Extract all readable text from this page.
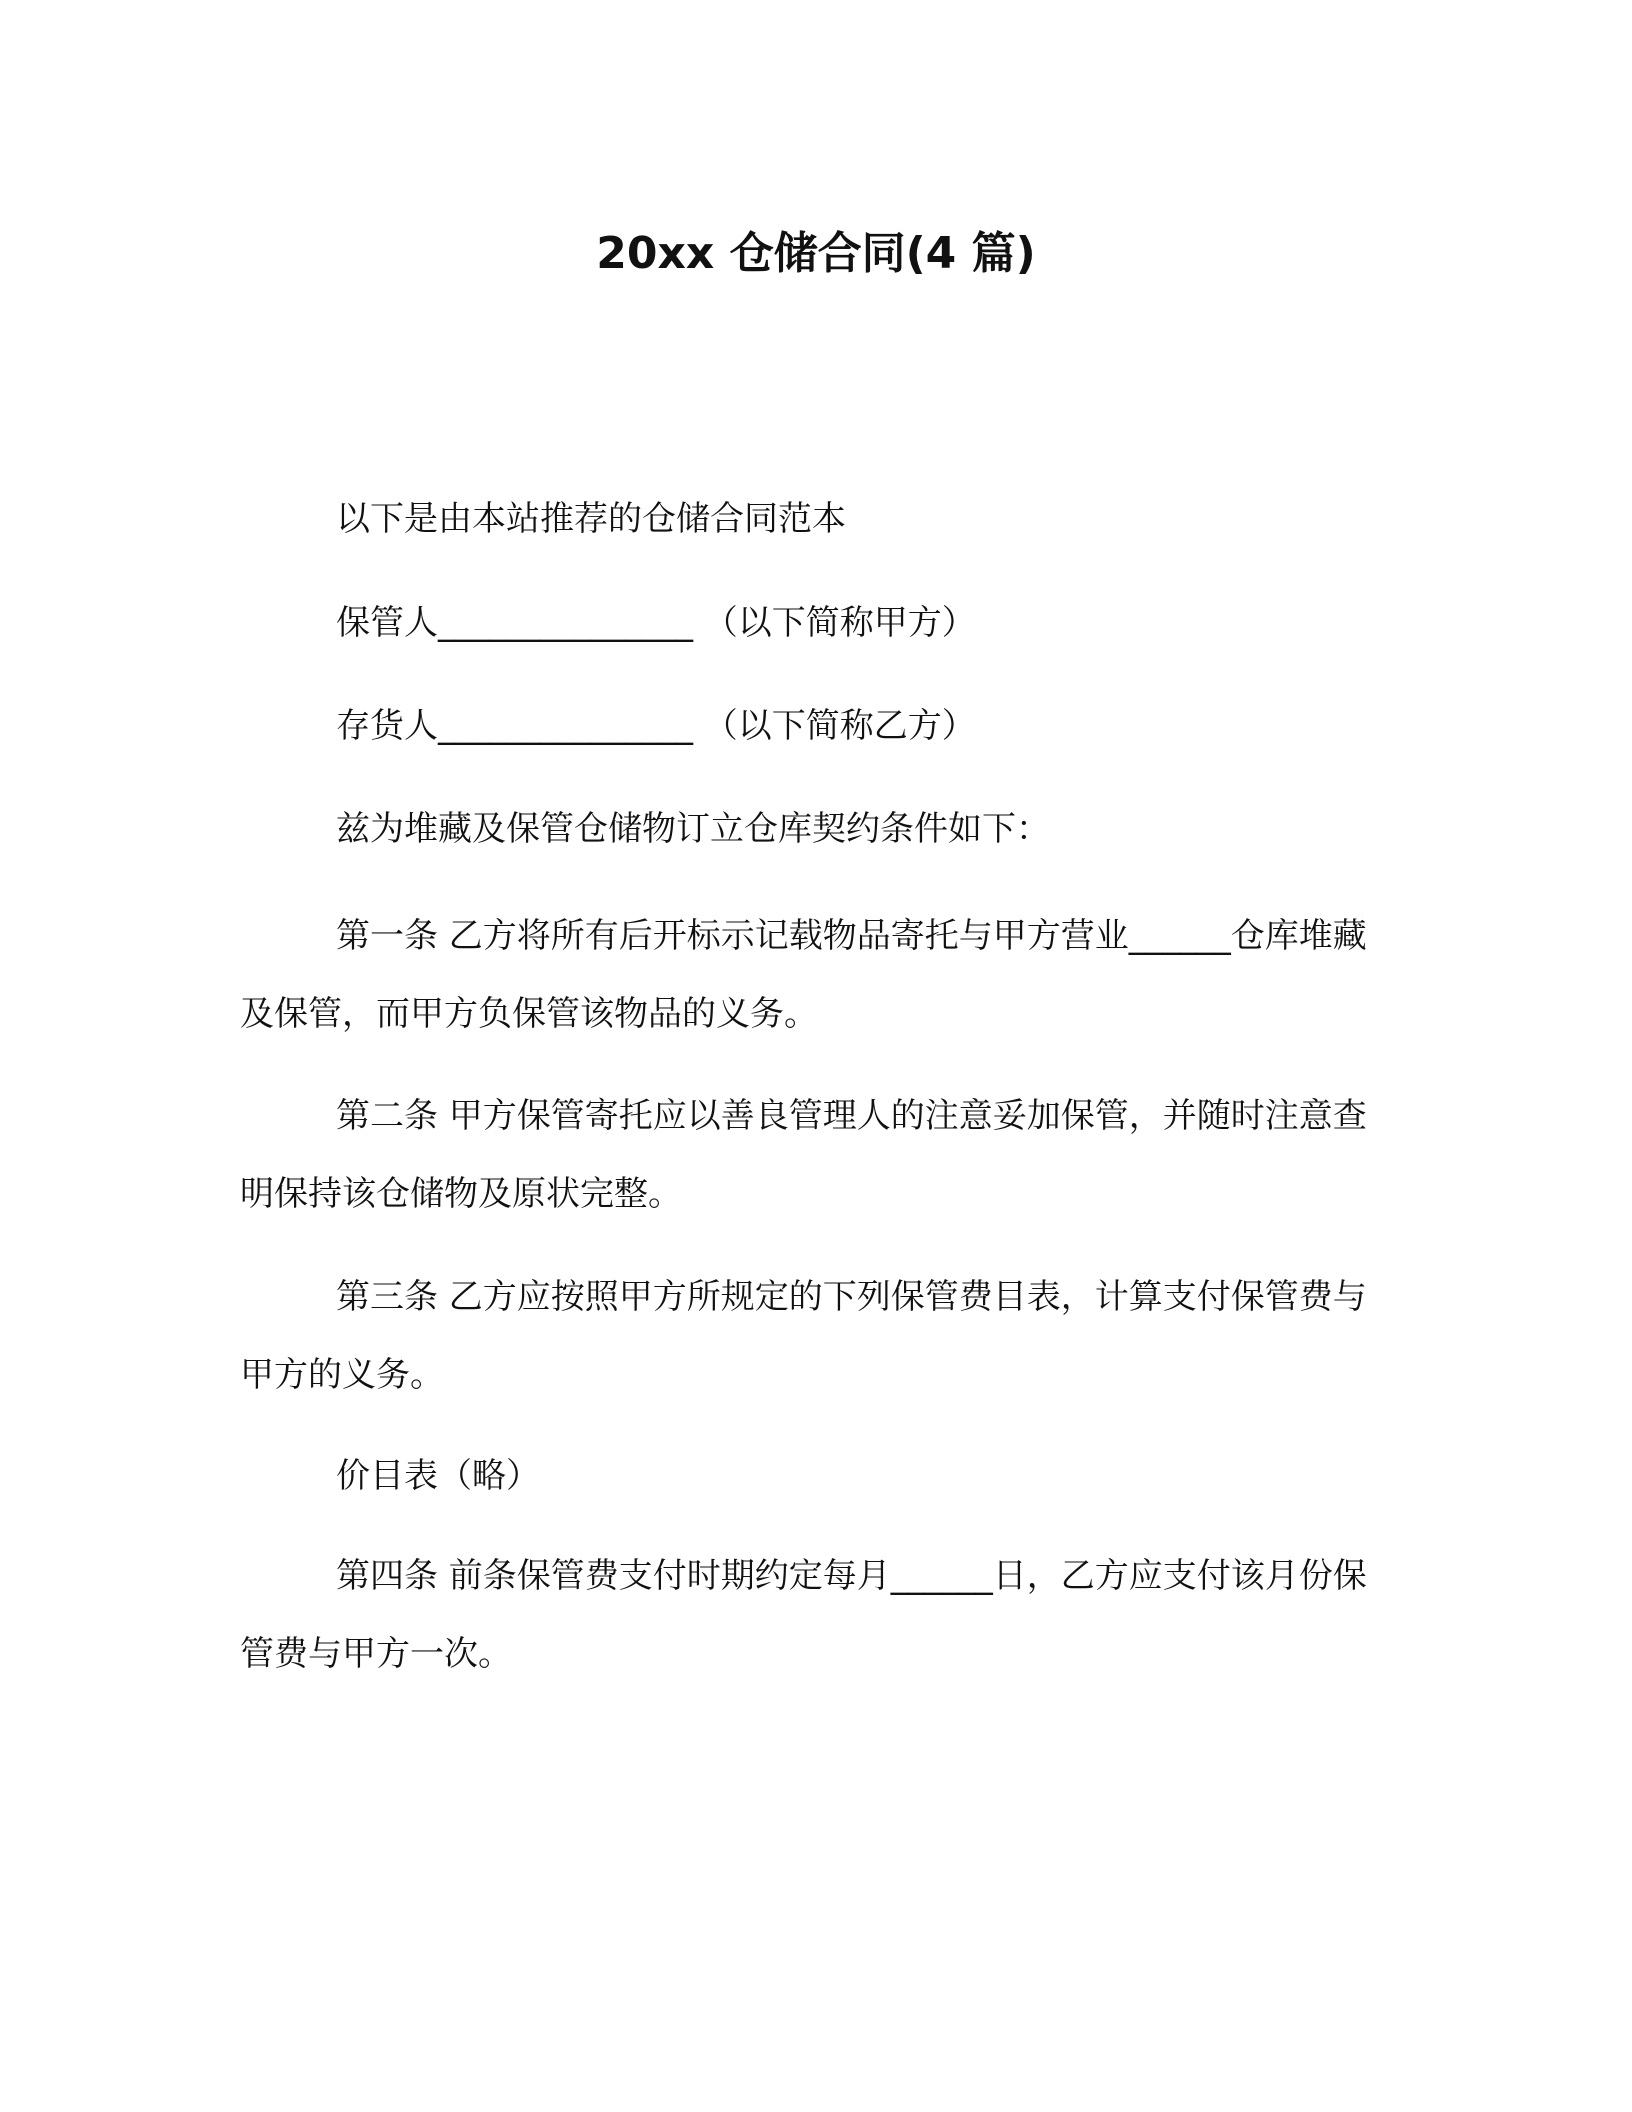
20xx 仓储合同(4 篇)
以下是由本站推荐的仓储合同范本
保管人_______________ （以下简称甲方）
存货人_______________ （以下简称乙方）
兹为堆藏及保管仓储物订立仓库契约条件如下：
第一条 乙方将所有后开标示记载物品寄托与甲方营业______仓库堆藏及保管，而甲方负保管该物品的义务。
第二条 甲方保管寄托应以善良管理人的注意妥加保管，并随时注意查明保持该仓储物及原状完整。
第三条 乙方应按照甲方所规定的下列保管费目表，计算支付保管费与甲方的义务。
价目表（略）
第四条 前条保管费支付时期约定每月______日，乙方应支付该月份保管费与甲方一次。
